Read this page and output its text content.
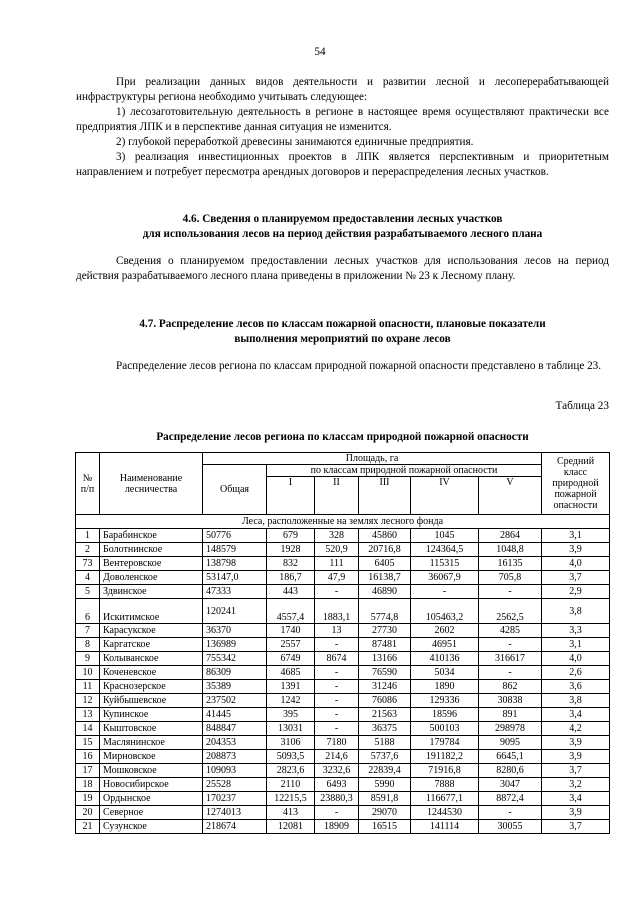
54

При реализации данных видов деятельности и развитии лесной и лесоперерабатывающей инфраструктуры региона необходимо учитывать следующее:

1) лесозаготовительную деятельность в регионе в настоящее время осуществляют практически все предприятия ЛПК и в перспективе данная ситуация не изменится.

2) глубокой переработкой древесины занимаются единичные предприятия.

3) реализация инвестиционных проектов в ЛПК является перспективным и приоритетным направлением и потребует пересмотра арендных договоров и перераспределения лесных участков.

4.6. Сведения о планируемом предоставлении лесных участков
для использования лесов на период действия разрабатываемого лесного плана

Сведения о планируемом предоставлении лесных участков для использования лесов на период действия разрабатываемого лесного плана приведены в приложении № 23 к Лесному плану.

4.7. Распределение лесов по классам пожарной опасности, плановые показатели
выполнения мероприятий по охране лесов

Распределение лесов региона по классам природной пожарной опасности представлено в таблице 23.

Таблица 23
Распределение лесов региона по классам природной пожарной опасности
№ п/п	Наименование лесничества	Площадь, га						Средний класс природной пожарной опасности
		Общая	по классам природной пожарной опасности					
			I	II	III	IV	V	
Леса, расположенные на землях лесного фонда								
1	Барабинское	50776	679	328	45860	1045	2864	3,1
2	Болотнинское	148579	1928	520,9	20716,8	124364,5	1048,8	3,9
73	Вентеровское	138798	832	111	6405	115315	16135	4,0
4	Доволенское	53147,0	186,7	47,9	16138,7	36067,9	705,8	3,7
5	Здвинское	47333	443	-	46890	-	-	2,9
6	Искитимское	120241	4557,4	1883,1	5774,8	105463,2	2562,5	3,8
7	Карасукское	36370	1740	13	27730	2602	4285	3,3
8	Каргатское	136989	2557	-	87481	46951	-	3,1
9	Колыванское	755342	6749	8674	13166	410136	316617	4,0
10	Коченевское	86309	4685	-	76590	5034	-	2,6
11	Краснозерское	35389	1391	-	31246	1890	862	3,6
12	Куйбышевское	237502	1242	-	76086	129336	30838	3,8
13	Купинское	41445	395	-	21563	18596	891	3,4
14	Кыштовское	848847	13031	-	36375	500103	298978	4,2
15	Маслянинское	204353	3106	7180	5188	179784	9095	3,9
16	Мирновское	208873	5093,5	214,6	5737,6	191182,2	6645,1	3,9
17	Мошковское	109093	2823,6	3232,6	22839,4	71916,8	8280,6	3,7
18	Новосибирское	25528	2110	6493	5990	7888	3047	3,2
19	Ордынское	170237	12215,5	23880,3	8591,8	116677,1	8872,4	3,4
20	Северное	1274013	413	-	29070	1244530	-	3,9
21	Сузунское	218674	12081	18909	16515	141114	30055	3,7
